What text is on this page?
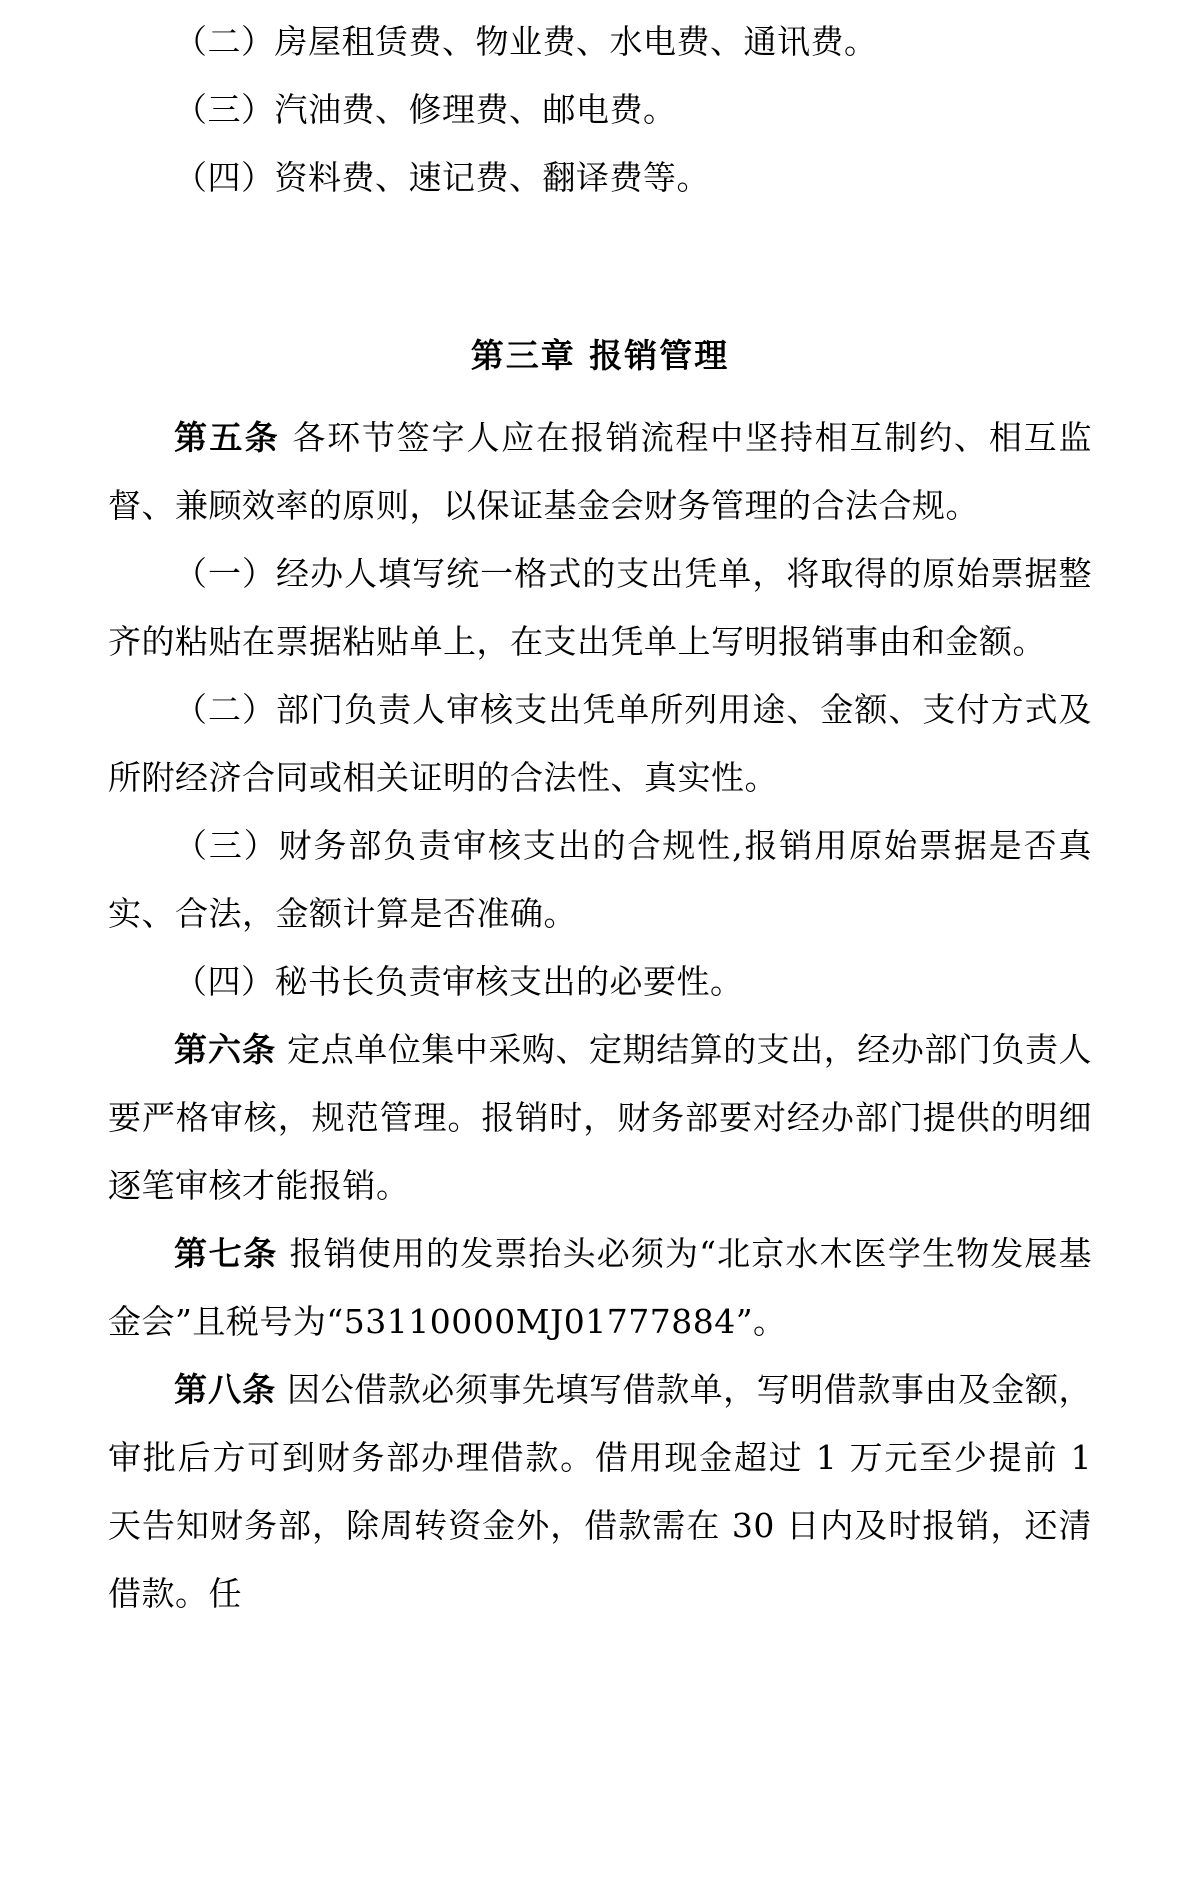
（二）房屋租赁费、物业费、水电费、通讯费。
（三）汽油费、修理费、邮电费。
（四）资料费、速记费、翻译费等。
第三章 报销管理
第五条 各环节签字人应在报销流程中坚持相互制约、相互监督、兼顾效率的原则，以保证基金会财务管理的合法合规。
（一）经办人填写统一格式的支出凭单，将取得的原始票据整齐的粘贴在票据粘贴单上，在支出凭单上写明报销事由和金额。
（二）部门负责人审核支出凭单所列用途、金额、支付方式及所附经济合同或相关证明的合法性、真实性。
（三）财务部负责审核支出的合规性,报销用原始票据是否真实、合法，金额计算是否准确。
（四）秘书长负责审核支出的必要性。
第六条 定点单位集中采购、定期结算的支出，经办部门负责人要严格审核，规范管理。报销时，财务部要对经办部门提供的明细逐笔审核才能报销。
第七条 报销使用的发票抬头必须为“北京水木医学生物发展基金会”且税号为“53110000MJ01777884”。
第八条 因公借款必须事先填写借款单，写明借款事由及金额，审批后方可到财务部办理借款。借用现金超过 1 万元至少提前 1 天告知财务部，除周转资金外，借款需在 30 日内及时报销，还清借款。任
